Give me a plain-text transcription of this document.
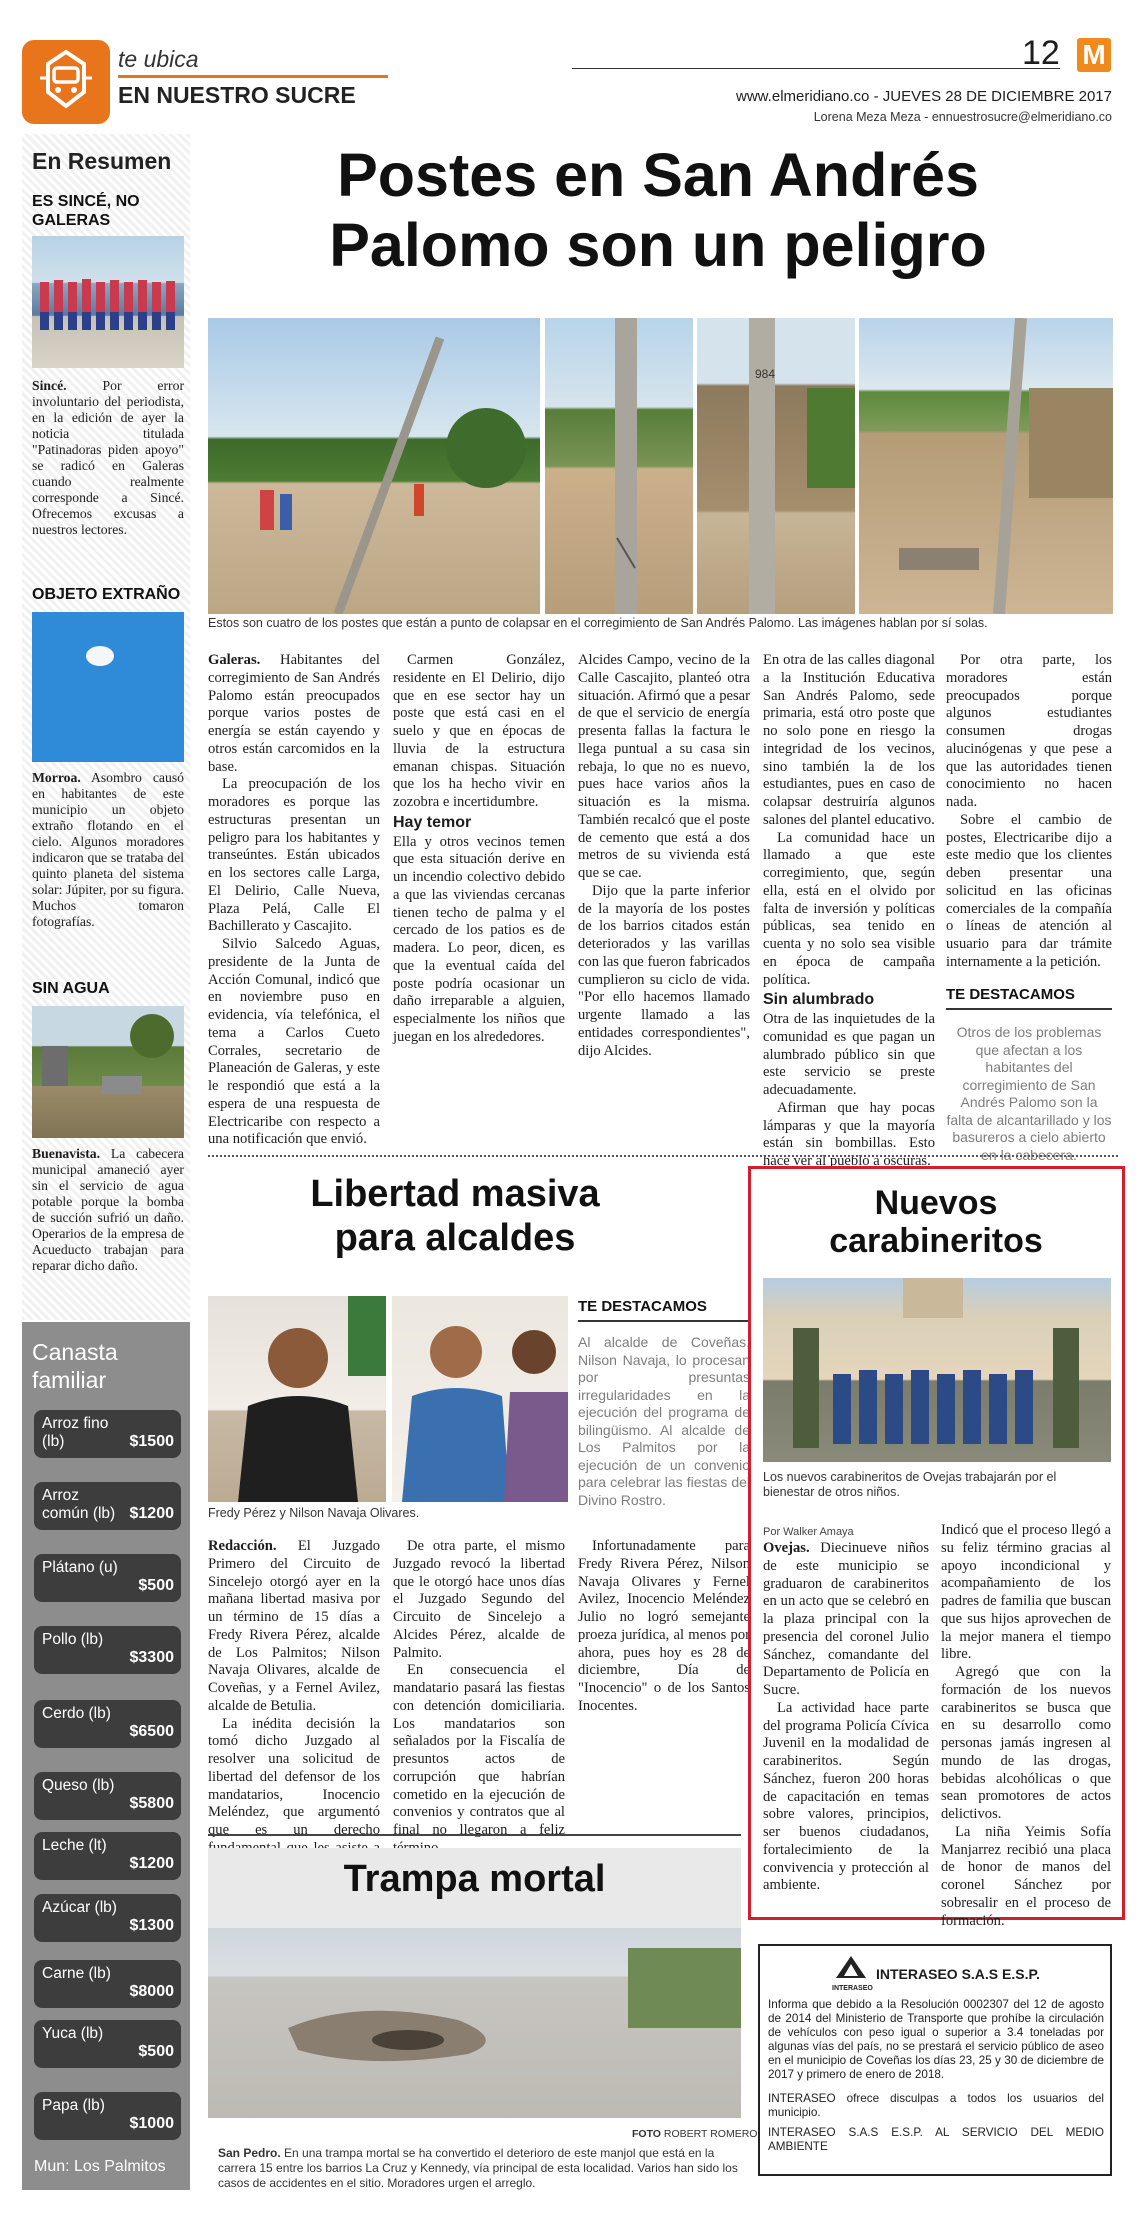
te ubica
EN NUESTRO SUCRE
12 M
www.elmeridiano.co - JUEVES 28 DE DICIEMBRE 2017
Lorena Meza Meza - ennuestrosucre@elmeridiano.co
En Resumen
ES SINCÉ, NO GALERAS
Sincé. Por error involuntario del periodista, en la edición de ayer la noticia titulada "Patinadoras piden apoyo" se radicó en Galeras cuando realmente corresponde a Sincé. Ofrecemos excusas a nuestros lectores.
OBJETO EXTRAÑO
Morroa. Asombro causó en habitantes de este municipio un objeto extraño flotando en el cielo. Algunos moradores indicaron que se trataba del quinto planeta del sistema solar: Júpiter, por su figura. Muchos tomaron fotografías.
SIN AGUA
Buenavista. La cabecera municipal amaneció ayer sin el servicio de agua potable porque la bomba de succión sufrió un daño. Operarios de la empresa de Acueducto trabajan para reparar dicho daño.
Canasta
familiar
Arroz fino (lb)	$1500
Arroz común (lb) $1200
Plátano (u)
$500
Pollo (lb)
$3300
Cerdo (lb)
$6500
Queso (lb)
$5800
Leche (lt)
$1200
Azúcar (lb)
$1300
Carne (lb)
$8000
Yuca (lb)
$500
Papa (lb)
$1000
Mun: Los Palmitos
Postes en San Andrés
Palomo son un peligro
984
Estos son cuatro de los postes que están a punto de colapsar en el corregimiento de San Andrés Palomo. Las imágenes hablan por sí solas.

Galeras. Habitantes del corregimiento de San Andrés Palomo están preocupados porque varios postes de energía se están cayendo y otros están carcomidos en la base.

La preocupación de los moradores es porque las estructuras presentan un peligro para los habitantes y transeúntes. Están ubicados en los sectores calle Larga, El Delirio, Calle Nueva, Plaza Pelá, Calle El Bachillerato y Cascajito.

Silvio Salcedo Aguas, presidente de la Junta de Acción Comunal, indicó que en noviembre puso en evidencia, vía telefónica, el tema a Carlos Cueto Corrales, secretario de Planeación de Galeras, y este le respondió que está a la espera de una respuesta de Electricaribe con respecto a una notificación que envió.

Carmen González, residente en El Delirio, dijo que en ese sector hay un poste que está casi en el suelo y que en épocas de lluvia de la estructura emanan chispas. Situación que los ha hecho vivir en zozobra e incertidumbre.

Hay temor

Ella y otros vecinos temen que esta situación derive en un incendio colectivo debido a que las viviendas cercanas tienen techo de palma y el cercado de los patios es de madera. Lo peor, dicen, es que la eventual caída del poste podría ocasionar un daño irreparable a alguien, especialmente los niños que juegan en los alrededores.

Alcides Campo, vecino de la Calle Cascajito, planteó otra situación. Afirmó que a pesar de que el servicio de energía presenta fallas la factura le llega puntual a su casa sin rebaja, lo que no es nuevo, pues hace varios años la situación es la misma. También recalcó que el poste de cemento que está a dos metros de su vivienda está que se cae.

Dijo que la parte inferior de la mayoría de los postes de los barrios citados están deteriorados y las varillas con las que fueron fabricados cumplieron su ciclo de vida. "Por ello hacemos llamado urgente llamado a las entidades correspondientes", dijo Alcides.

En otra de las calles diagonal a la Institución Educativa San Andrés Palomo, sede primaria, está otro poste que no solo pone en riesgo la integridad de los vecinos, sino también la de los estudiantes, pues en caso de colapsar destruiría algunos salones del plantel educativo.

La comunidad hace un llamado a que este corregimiento, que, según ella, está en el olvido por falta de inversión y políticas públicas, sea tenido en cuenta y no solo sea visible en época de campaña política.

Sin alumbrado

Otra de las inquietudes de la comunidad es que pagan un alumbrado público sin que este servicio se preste adecuadamente.

Afirman que hay pocas lámparas y que la mayoría están sin bombillas. Esto hace ver al pueblo a oscuras.

Por otra parte, los moradores están preocupados porque algunos estudiantes consumen drogas alucinógenas y que pese a que las autoridades tienen conocimiento no hacen nada.

Sobre el cambio de postes, Electricaribe dijo a este medio que los clientes deben presentar una solicitud en las oficinas comerciales de la compañía o líneas de atención al usuario para dar trámite internamente a la petición.

TE DESTACAMOS
Otros de los problemas que afectan a los habitantes del corregimiento de San Andrés Palomo son la falta de alcantarillado y los basureros a cielo abierto en la cabecera.
Libertad masiva
para alcaldes
Fredy Pérez y Nilson Navaja Olivares.
TE DESTACAMOS
Al alcalde de Coveñas, Nilson Navaja, lo procesan por presuntas irregularidades en la ejecución del programa de bilingüismo. Al alcalde de Los Palmitos por la ejecución de un convenio para celebrar las fiestas del Divino Rostro.

Redacción. El Juzgado Primero del Circuito de Sincelejo otorgó ayer en la mañana libertad masiva por un término de 15 días a Fredy Rivera Pérez, alcalde de Los Palmitos; Nilson Navaja Olivares, alcalde de Coveñas, y a Fernel Avilez, alcalde de Betulia.

La inédita decisión la tomó dicho Juzgado al resolver una solicitud de libertad del defensor de los mandatarios, Inocencio Meléndez, que argumentó que es un derecho

De otra parte, el mismo Juzgado revocó la libertad que le otorgó hace unos días el Juzgado Segundo del Circuito de Sincelejo a Alcides Pérez, alcalde de Palmito.

En consecuencia el mandatario pasará las fiestas con detención domiciliaria. Los mandatarios son señalados por la Fiscalía de presuntos actos de corrupción que habrían cometido en la ejecución de convenios y contratos que al final no llegaron a feliz

Infortunadamente para Fredy Rivera Pérez, Nilson Navaja Olivares y Fernel Avilez, Inocencio Meléndez Julio no logró semejante proeza jurídica, al menos por ahora, pues hoy es 28 de diciembre, Día de "Inocencio" o de los Santos Inocentes.

Nuevos
carabineritos
Los nuevos carabineritos de Ovejas trabajarán por el bienestar de otros niños.
Por Walker Amaya

Ovejas. Diecinueve niños de este municipio se graduaron de carabineritos en un acto que se celebró en la plaza principal con la presencia del coronel Julio Sánchez, comandante del Departamento de Policía en Sucre.

La actividad hace parte del programa Policía Cívica Juvenil en la modalidad de carabineritos. Según Sánchez, fueron 200 horas de capacitación en temas sobre valores, principios, ser buenos ciudadanos, fortalecimiento de la convivencia y protección al ambiente.

Indicó que el proceso llegó a su feliz término gracias al apoyo incondicional y acompañamiento de los padres de familia que buscan que sus hijos aprovechen de la mejor manera el tiempo libre.

Agregó que con la formación de los nuevos carabineritos se busca que en su desarrollo como personas jamás ingresen al mundo de las drogas, bebidas alcohólicas o que sean promotores de actos delictivos.

La niña Yeimis Sofía Manjarrez recibió una placa de honor de manos del coronel Sánchez por sobresalir en el proceso de formación.

Trampa mortal
FOTO ROBERT ROMERO
San Pedro. En una trampa mortal se ha convertido el deterioro de este manjol que está en la carrera 15 entre los barrios La Cruz y Kennedy, vía principal de esta localidad. Varios han sido los casos de accidentes en el sitio. Moradores urgen el arreglo.
INTERASEO
INTERASEO S.A.S E.S.P.
Informa que debido a la Resolución 0002307 del 12 de agosto de 2014 del Ministerio de Transporte que prohíbe la circulación de vehículos con peso igual o superior a 3.4 toneladas por algunas vías del país, no se prestará el servicio público de aseo en el municipio de Coveñas los días 23, 25 y 30 de diciembre de 2017 y primero de enero de 2018.
INTERASEO ofrece disculpas a todos los usuarios del municipio.
INTERASEO S.A.S E.S.P. AL SERVICIO DEL MEDIO AMBIENTE
